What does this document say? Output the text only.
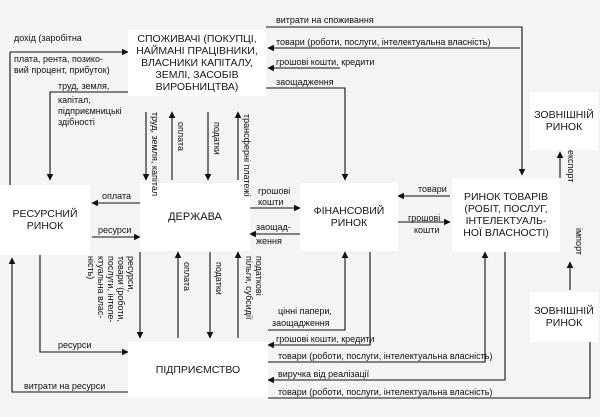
СПОЖИВАЧІ (ПОКУПЦІ,
НАЙМАНІ ПРАЦІВНИКИ,
ВЛАСНИКИ КАПІТАЛУ,
ЗЕМЛІ, ЗАСОБІВ
ВИРОБНИЦТВА)
ДЕРЖАВА
РЕСУРСНИЙ
РИНОК
ФІНАНСОВИЙ
РИНОК
РИНОК ТОВАРІВ
(РОБІТ, ПОСЛУГ,
ІНТЕЛЕКТУАЛЬ-
НОЇ ВЛАСНОСТІ)
ЗОВНІШНІЙ
РИНОК
ЗОВНІШНІЙ
РИНОК
ПІДПРИЄМСТВО
дохід (заробітна
плата, рента, позико-
вий процент, прибуток)
труд, земля,
капітал,
підприємницькі
здібності
витрати на споживання
товари (роботи, послуги, інтелектуальна власність)
грошові кошти, кредити
заощадження
оплата
ресурси
грошові
кошти
заощад-
ження
товари
грошові
кошти
цінні папери,
заощадження
грошові кошти, кредити
товари (роботи, послуги, інтелектуальна власність)
виручка від реалізації
товари (роботи, послуги, інтелектуальна власність)
ресурси
витрати на ресурси
труд, земля, капітал оплата	податки трансферні платежі	експорт
імпорт
ресурси,
товари (роботи,
послуги, інтеле-
ктуальна влас-
ність)	оплата податки	податкові
пільги, субсидії
